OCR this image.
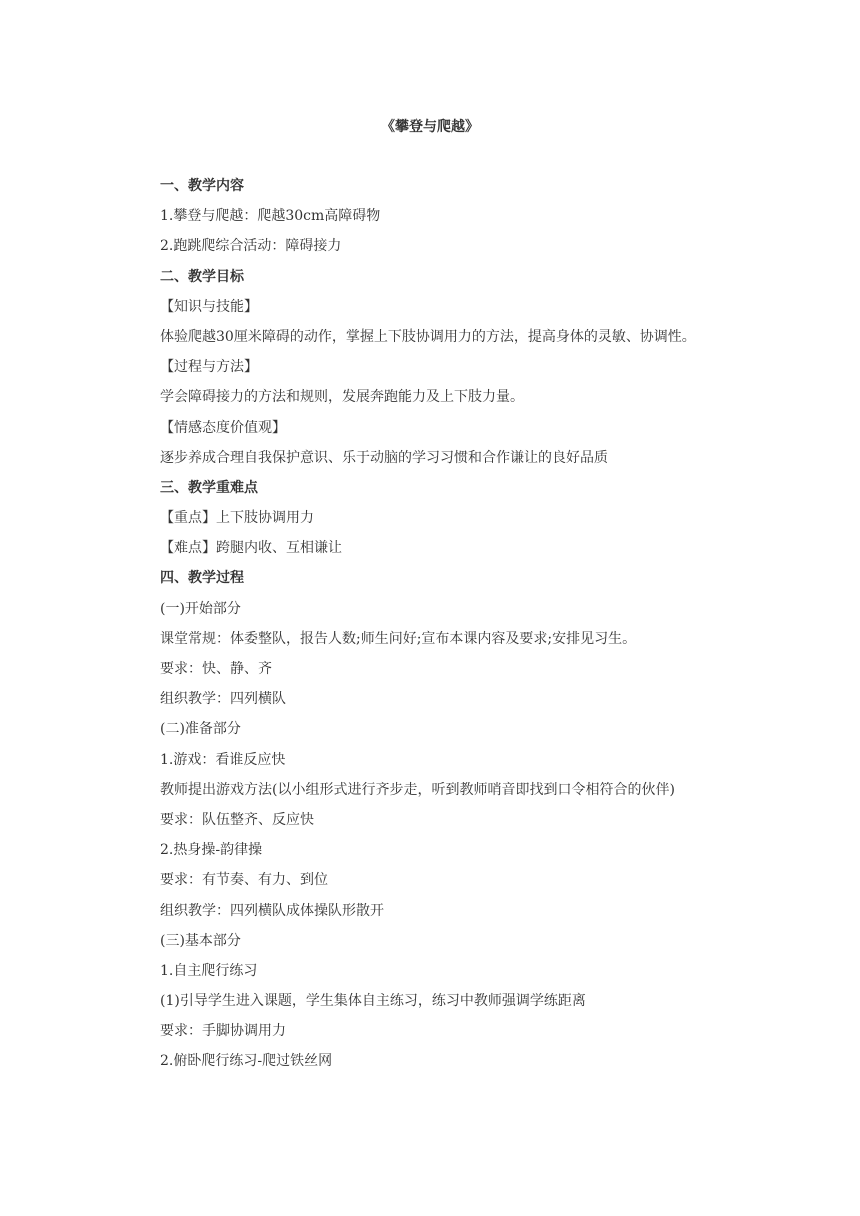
《攀登与爬越》
一、教学内容
1.攀登与爬越：爬越30cm高障碍物
2.跑跳爬综合活动：障碍接力
二、教学目标
【知识与技能】
体验爬越30厘米障碍的动作，掌握上下肢协调用力的方法，提高身体的灵敏、协调性。
【过程与方法】
学会障碍接力的方法和规则，发展奔跑能力及上下肢力量。
【情感态度价值观】
逐步养成合理自我保护意识、乐于动脑的学习习惯和合作谦让的良好品质
三、教学重难点
【重点】上下肢协调用力
【难点】跨腿内收、互相谦让
四、教学过程
(一)开始部分
课堂常规：体委整队，报告人数;师生问好;宣布本课内容及要求;安排见习生。
要求：快、静、齐
组织教学：四列横队
(二)准备部分
1.游戏：看谁反应快
教师提出游戏方法(以小组形式进行齐步走，听到教师哨音即找到口令相符合的伙伴)
要求：队伍整齐、反应快
2.热身操-韵律操
要求：有节奏、有力、到位
组织教学：四列横队成体操队形散开
(三)基本部分
1.自主爬行练习
(1)引导学生进入课题，学生集体自主练习，练习中教师强调学练距离
要求：手脚协调用力
2.俯卧爬行练习-爬过铁丝网
